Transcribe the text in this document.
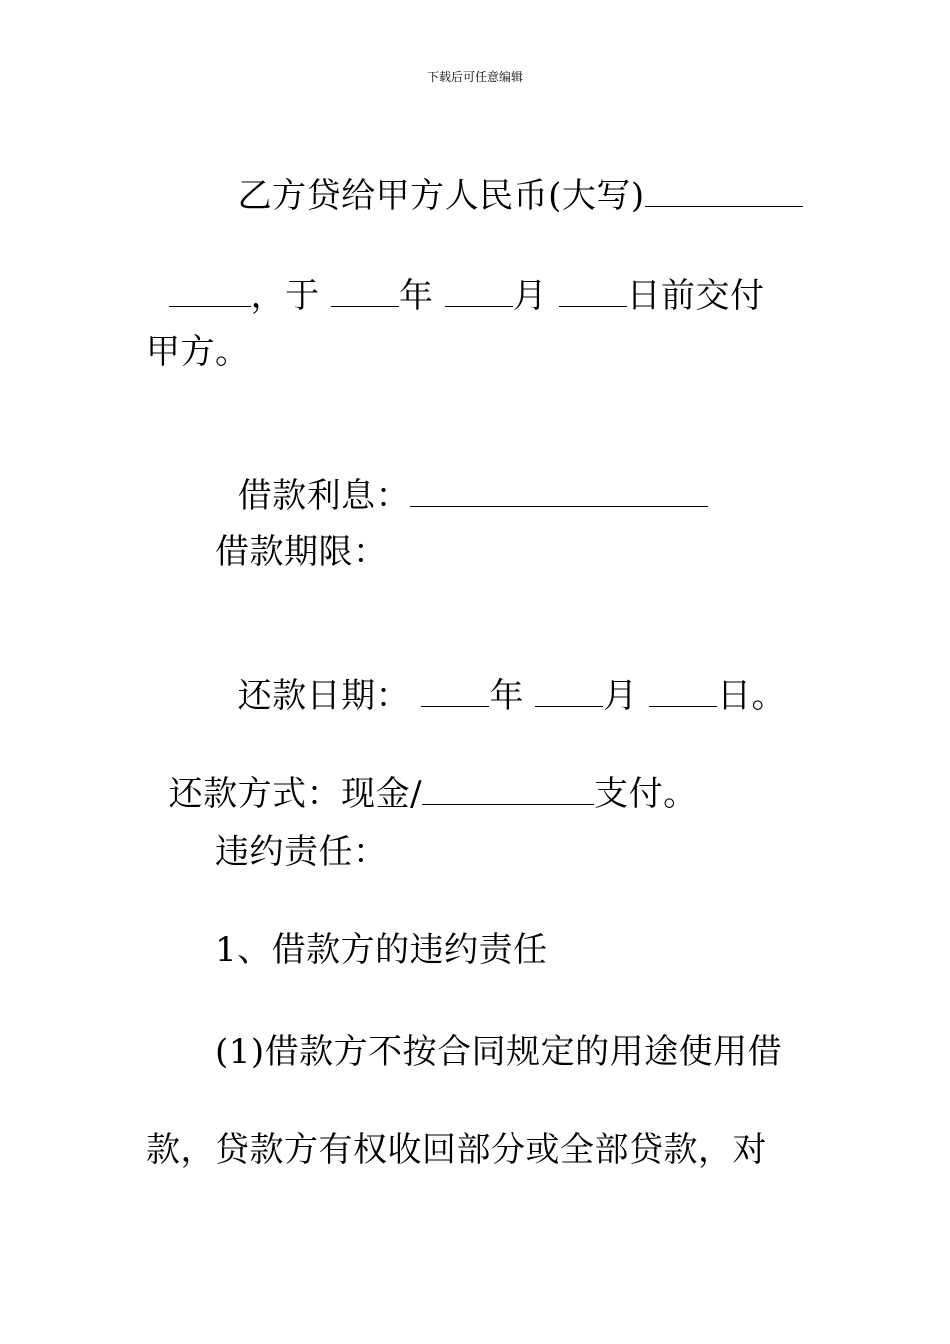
下载后可任意编辑

乙方贷给甲方人民币(大写)

，于 年 月 日前交付

甲方。

借款利息：

借款期限：

还款日期： 年 月 日。

还款方式：现金/	支付。

违约责任：
1、借款方的违约责任
(1)借款方不按合同规定的用途使用借
款，贷款方有权收回部分或全部贷款，对
